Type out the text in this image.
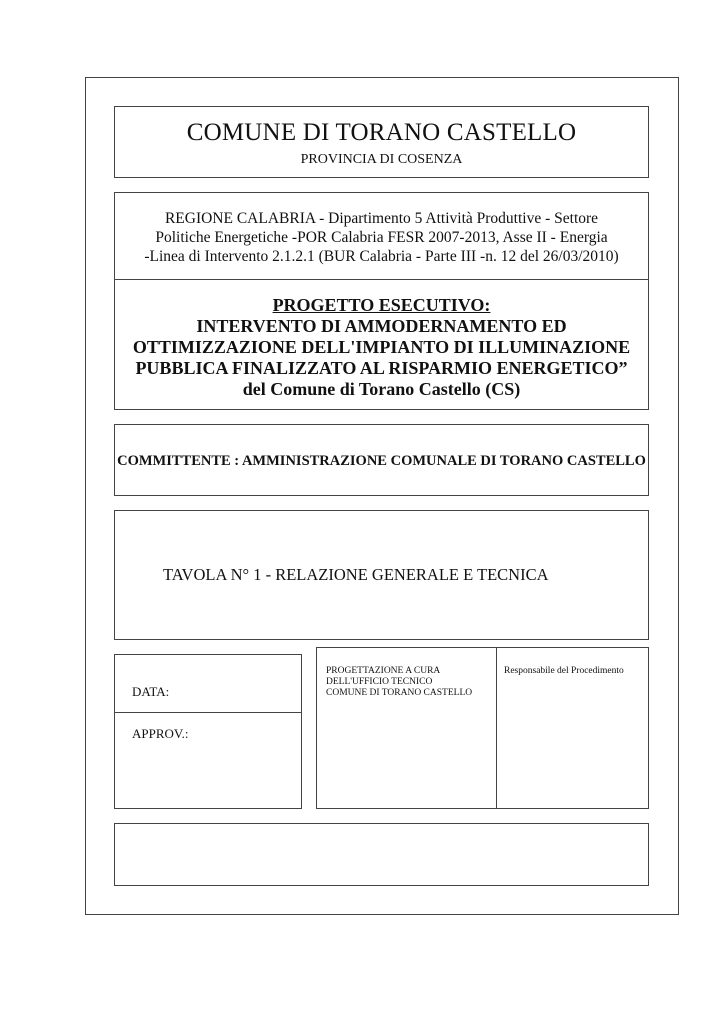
COMUNE DI TORANO CASTELLO
PROVINCIA DI COSENZA
REGIONE CALABRIA - Dipartimento 5 Attività Produttive - Settore
Politiche Energetiche -POR Calabria FESR 2007-2013, Asse II - Energia
-Linea di Intervento 2.1.2.1 (BUR Calabria - Parte III -n. 12 del 26/03/2010)
PROGETTO ESECUTIVO:
INTERVENTO DI AMMODERNAMENTO ED
OTTIMIZZAZIONE DELL'IMPIANTO DI ILLUMINAZIONE
PUBBLICA FINALIZZATO AL RISPARMIO ENERGETICO”
del Comune di Torano Castello (CS)
COMMITTENTE : AMMINISTRAZIONE COMUNALE DI TORANO CASTELLO
TAVOLA N° 1 - RELAZIONE GENERALE E TECNICA
DATA:
APPROV.:
PROGETTAZIONE A CURA
DELL'UFFICIO TECNICO
COMUNE DI TORANO CASTELLO
Responsabile del Procedimento
